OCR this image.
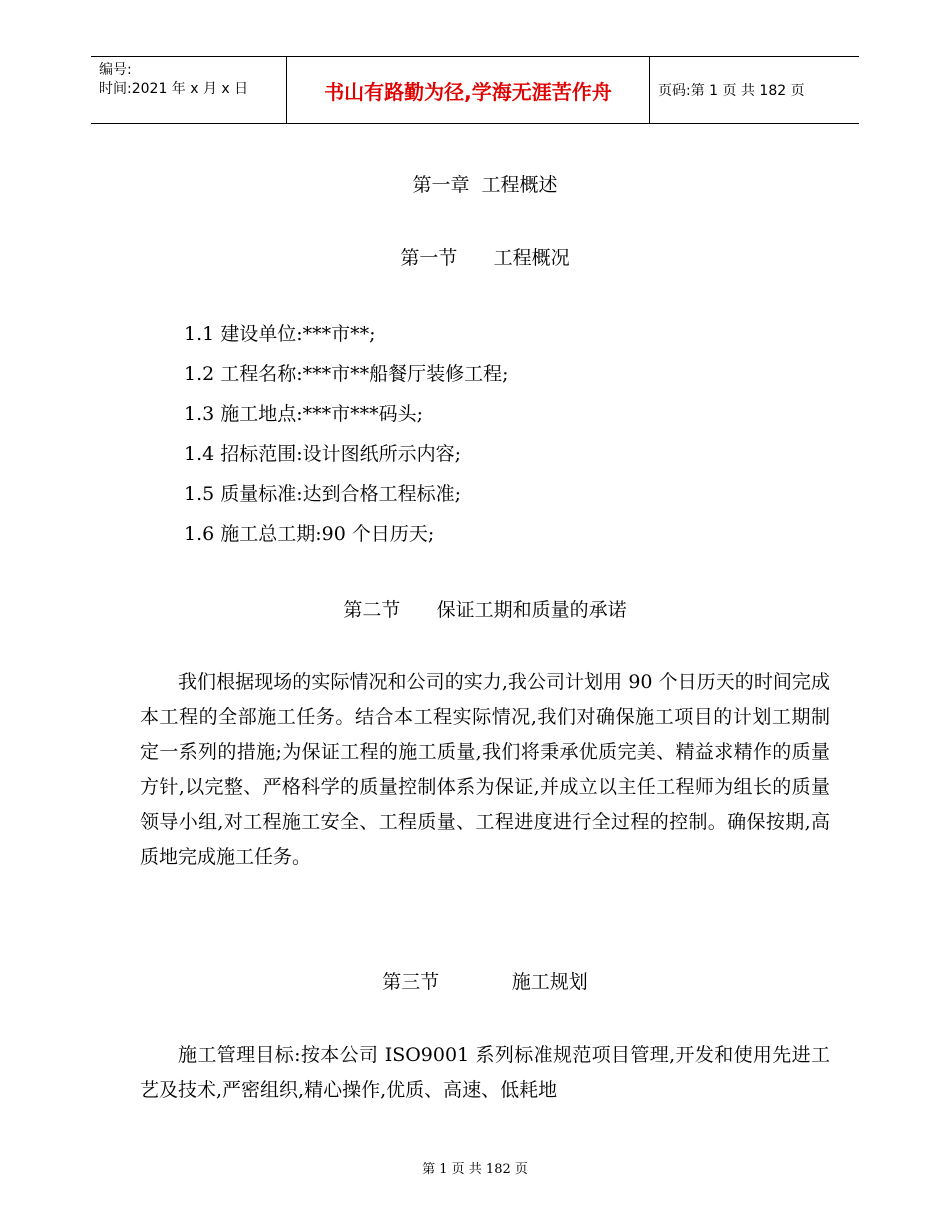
编号:
时间:2021 年 x 月 x 日	书山有路勤为径,学海无涯苦作舟	页码:第 1 页 共 182 页
第一章  工程概述
第一节      工程概况
1.1 建设单位:***市**;
1.2 工程名称:***市**船餐厅装修工程;
1.3 施工地点:***市***码头;
1.4 招标范围:设计图纸所示内容;
1.5 质量标准:达到合格工程标准;
1.6 施工总工期:90 个日历天;
第二节      保证工期和质量的承诺
我们根据现场的实际情况和公司的实力,我公司计划用 90 个日历天的时间完成本工程的全部施工任务。结合本工程实际情况,我们对确保施工项目的计划工期制定一系列的措施;为保证工程的施工质量,我们将秉承优质完美、精益求精作的质量方针,以完整、严格科学的质量控制体系为保证,并成立以主任工程师为组长的质量领导小组,对工程施工安全、工程质量、工程进度进行全过程的控制。确保按期,高质地完成施工任务。
第三节            施工规划
施工管理目标:按本公司 ISO9001 系列标准规范项目管理,开发和使用先进工艺及技术,严密组织,精心操作,优质、高速、低耗地
第 1 页 共 182 页
